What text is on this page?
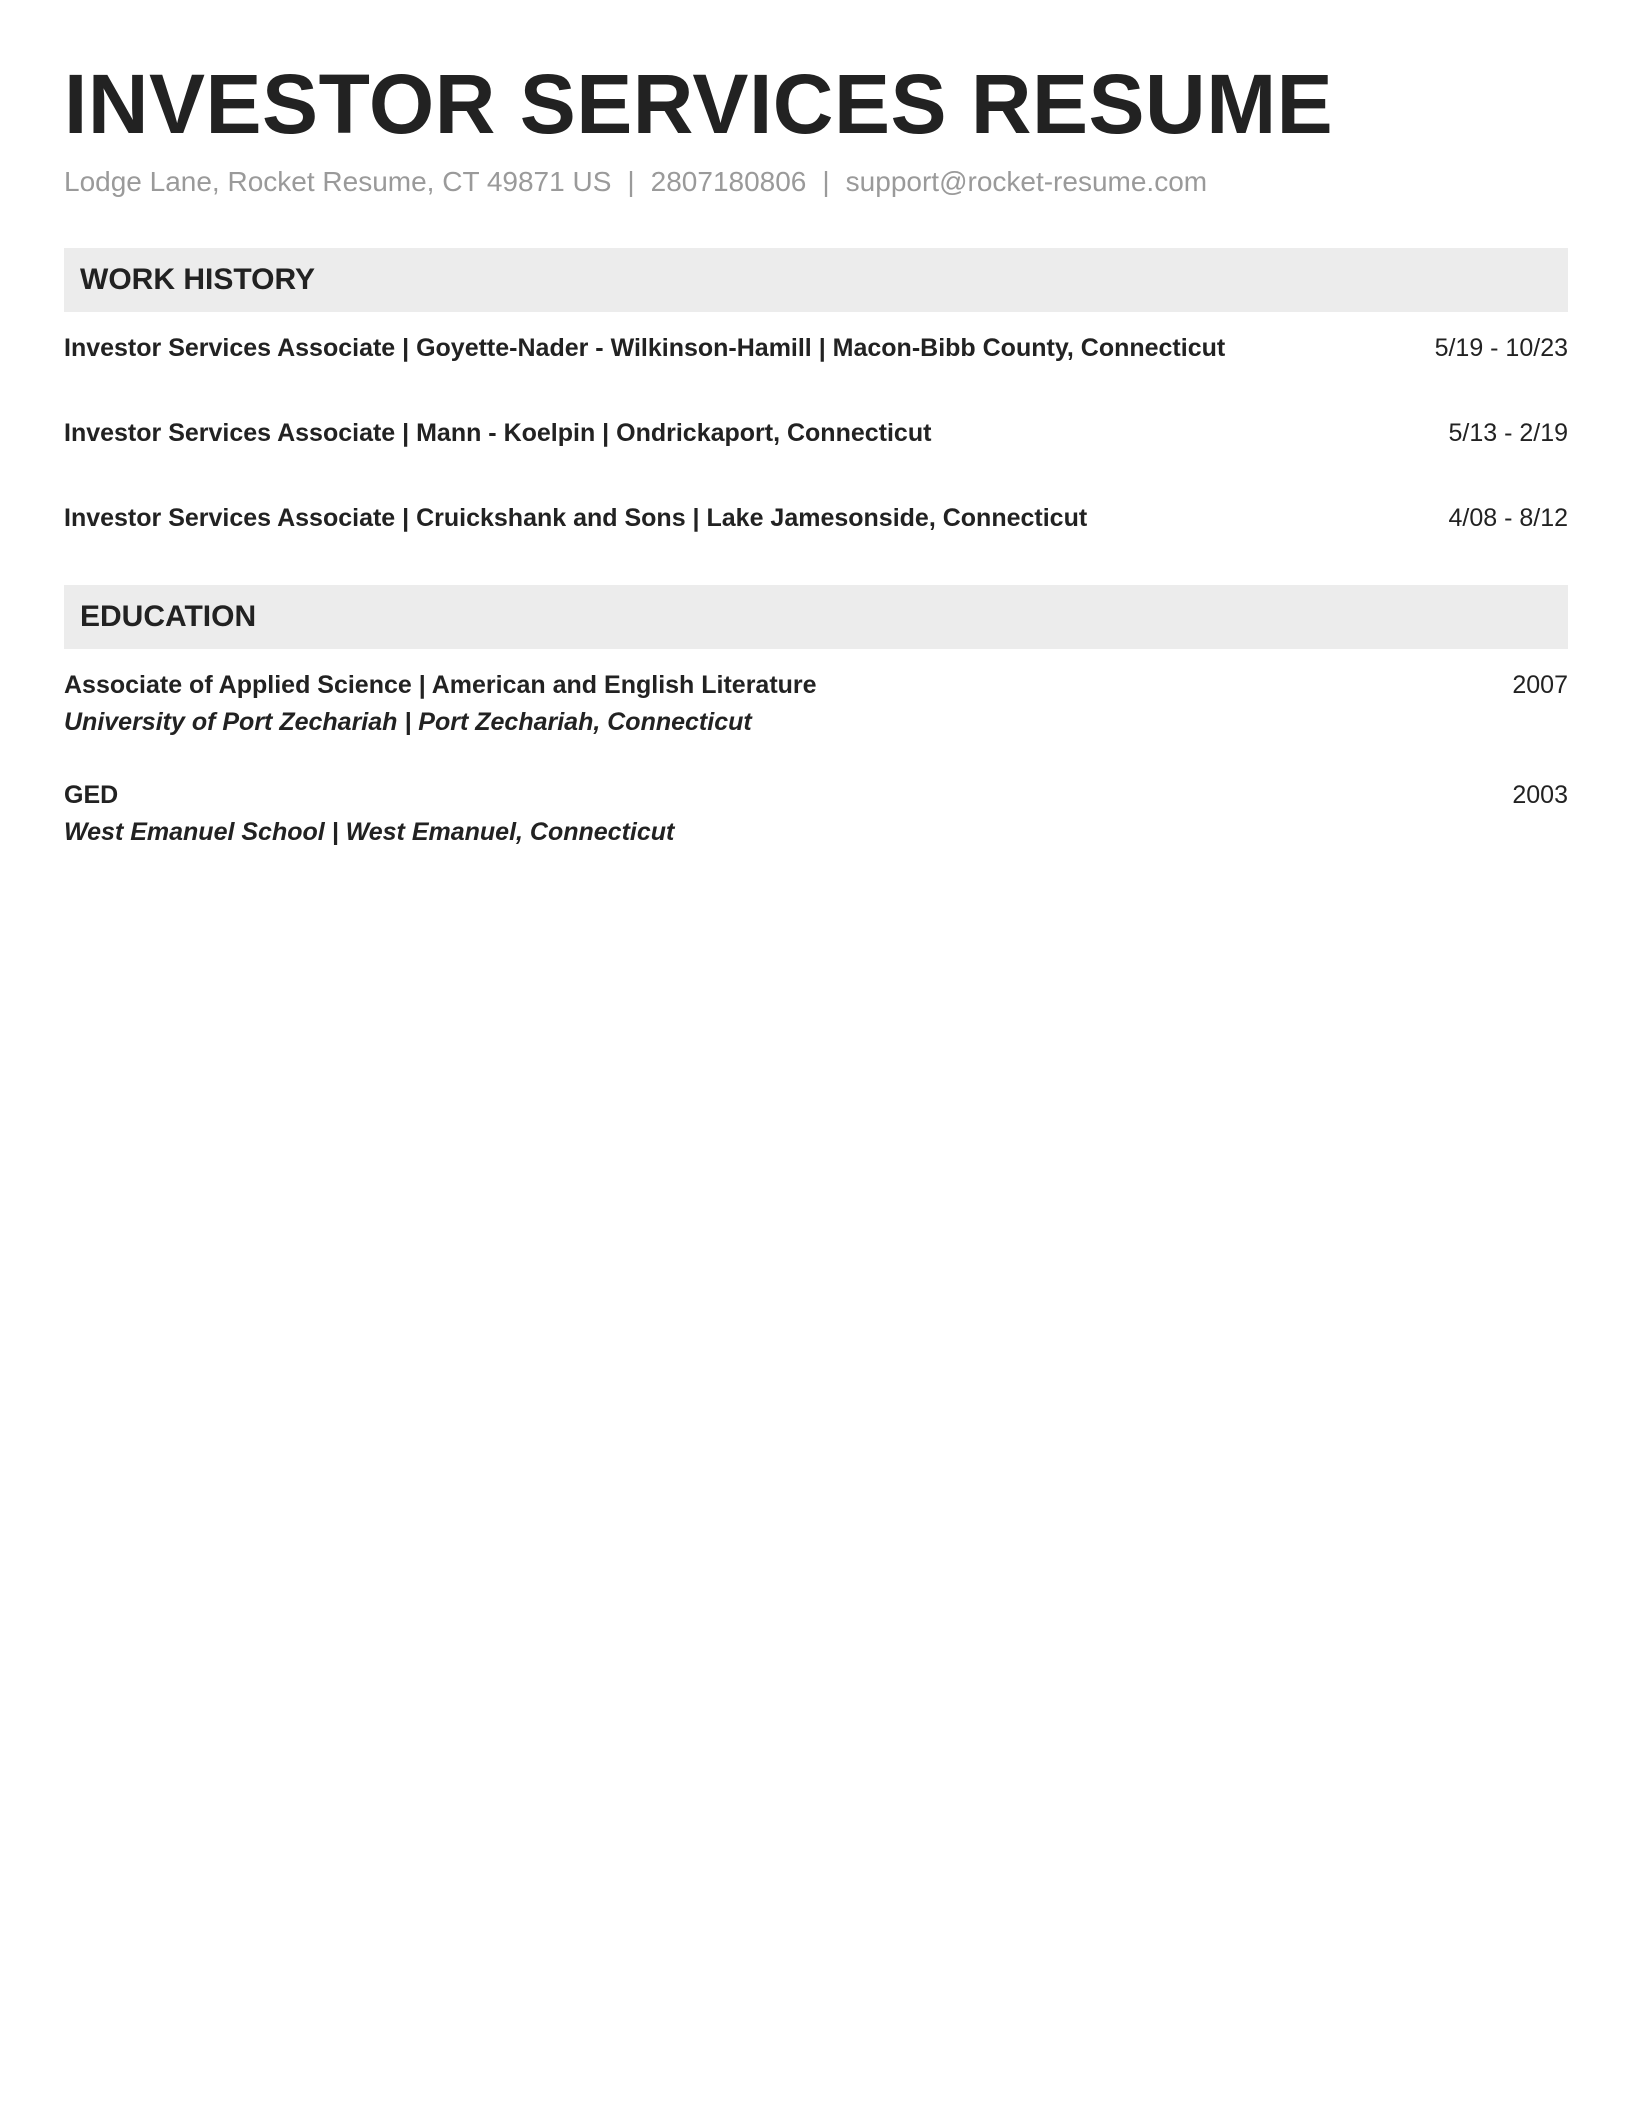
INVESTOR SERVICES RESUME
Lodge Lane, Rocket Resume, CT 49871 US | 2807180806 | support@rocket-resume.com
WORK HISTORY
Investor Services Associate | Goyette-Nader - Wilkinson-Hamill | Macon-Bibb County, Connecticut	5/19 - 10/23
Investor Services Associate | Mann - Koelpin | Ondrickaport, Connecticut	5/13 - 2/19
Investor Services Associate | Cruickshank and Sons | Lake Jamesonside, Connecticut	4/08 - 8/12
EDUCATION
Associate of Applied Science | American and English Literature	2007
University of Port Zechariah | Port Zechariah, Connecticut
GED	2003
West Emanuel School | West Emanuel, Connecticut
